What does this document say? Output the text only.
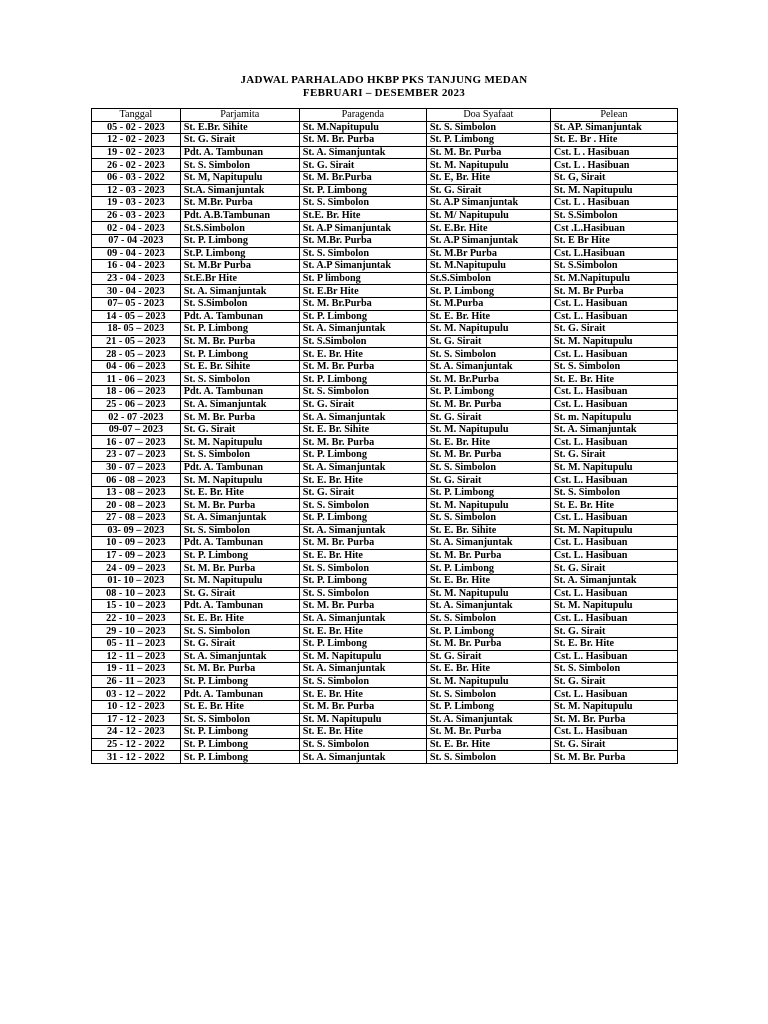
JADWAL PARHALADO HKBP PKS TANJUNG MEDAN
FEBRUARI – DESEMBER 2023
Tanggal	Parjamita	Paragenda	Doa Syafaat	Pelean
05 - 02 - 2023	St. E.Br. Sihite	St. M.Napitupulu	St. S. Simbolon	St. AP. Simanjuntak
12 - 02 - 2023	St. G. Sirait	St. M. Br. Purba	St. P. Limbong	St. E. Br . Hite
19 - 02 - 2023	Pdt. A. Tambunan	St. A. Simanjuntak	St. M. Br. Purba	Cst. L . Hasibuan
26 - 02 - 2023	St. S. Simbolon	St. G. Sirait	St. M. Napitupulu	Cst. L . Hasibuan
06 - 03 - 2022	St. M, Napitupulu	St. M. Br.Purba	St. E, Br. Hite	St. G, Sirait
12 - 03 - 2023	St.A. Simanjuntak	St. P. Limbong	St. G. Sirait	St. M. Napitupulu
19 - 03 - 2023	St. M.Br. Purba	St. S. Simbolon	St. A.P Simanjuntak	Cst. L . Hasibuan
26 - 03 - 2023	Pdt. A.B.Tambunan	St.E. Br. Hite	St. M/ Napitupulu	St. S.Simbolon
02 - 04 - 2023	St.S.Simbolon	St. A.P Simanjuntak	St. E.Br. Hite	Cst .L.Hasibuan
07 - 04 -2023	St. P. Limbong	St. M.Br. Purba	St. A.P Simanjuntak	St. E Br Hite
09 - 04 - 2023	St.P. Limbong	St. S. Simbolon	St. M.Br Purba	Cst. L.Hasibuan
16 - 04 - 2023	St. M.Br Purba	St. A.P Simanjuntak	St. M.Napitupulu	St. S.Simbolon
23 - 04 - 2023	St.E.Br Hite	St. P limbong	St.S.Simbolon	St. M.Napitupulu
30 - 04 - 2023	St. A. Simanjuntak	St. E.Br Hite	St. P. Limbong	St. M. Br Purba
07– 05 - 2023	St. S.Simbolon	St. M. Br.Purba	St. M.Purba	Cst. L. Hasibuan
14 - 05 – 2023	Pdt. A. Tambunan	St. P. Limbong	St. E. Br. Hite	Cst. L. Hasibuan
18- 05 – 2023	St. P. Limbong	St. A. Simanjuntak	St. M. Napitupulu	St. G. Sirait
21 - 05 – 2023	St. M. Br. Purba	St. S.Simbolon	St. G. Sirait	St. M. Napitupulu
28 - 05 – 2023	St. P. Limbong	St. E. Br. Hite	St. S. Simbolon	Cst. L. Hasibuan
04 - 06 – 2023	St. E. Br. Sihite	St. M. Br. Purba	St. A. Simanjuntak	St. S. Simbolon
11 - 06 – 2023	St. S. Simbolon	St. P. Limbong	St. M. Br.Purba	St. E. Br. Hite
18 - 06 – 2023	Pdt. A. Tambunan	St. S. Simbolon	St. P. Limbong	Cst. L. Hasibuan
25 - 06 – 2023	St. A. Simanjuntak	St. G. Sirait	St. M. Br. Purba	Cst. L. Hasibuan
02 - 07 -2023	St. M. Br. Purba	St. A. Simanjuntak	St. G. Sirait	St. m. Napitupulu
09-07 – 2023	St. G. Sirait	St. E. Br. Sihite	St. M. Napitupulu	St. A. Simanjuntak
16 - 07 – 2023	St. M. Napitupulu	St. M. Br. Purba	St. E. Br. Hite	Cst. L. Hasibuan
23 - 07 – 2023	St. S. Simbolon	St. P. Limbong	St. M. Br. Purba	St. G. Sirait
30 - 07 – 2023	Pdt. A. Tambunan	St. A. Simanjuntak	St. S. Simbolon	St. M. Napitupulu
06 - 08 – 2023	St. M. Napitupulu	St. E. Br. Hite	St. G. Sirait	Cst. L. Hasibuan
13 - 08 – 2023	St. E. Br. Hite	St. G. Sirait	St. P. Limbong	St. S. Simbolon
20 - 08 – 2023	St. M. Br. Purba	St. S. Simbolon	St. M. Napitupulu	St. E. Br. Hite
27 - 08 – 2023	St. A. Simanjuntak	St. P. Limbong	St. S. Simbolon	Cst. L. Hasibuan
03- 09 – 2023	St. S. Simbolon	St. A. Simanjuntak	St. E. Br. Sihite	St. M. Napitupulu
10 - 09 – 2023	Pdt. A. Tambunan	St. M. Br. Purba	St. A. Simanjuntak	Cst. L. Hasibuan
17 - 09 – 2023	St. P. Limbong	St. E. Br. Hite	St. M. Br. Purba	Cst. L. Hasibuan
24 - 09 – 2023	St. M. Br. Purba	St. S. Simbolon	St. P. Limbong	St. G. Sirait
01- 10 – 2023	St. M. Napitupulu	St. P. Limbong	St. E. Br. Hite	St. A. Simanjuntak
08 - 10 – 2023	St. G. Sirait	St. S. Simbolon	St. M. Napitupulu	Cst. L. Hasibuan
15 - 10 – 2023	Pdt. A. Tambunan	St. M. Br. Purba	St. A. Simanjuntak	St. M. Napitupulu
22 - 10 – 2023	St. E. Br. Hite	St. A. Simanjuntak	St. S. Simbolon	Cst. L. Hasibuan
29 - 10 – 2023	St. S. Simbolon	St. E. Br. Hite	St. P. Limbong	St. G. Sirait
05 - 11 – 2023	St. G. Sirait	St. P. Limbong	St. M. Br. Purba	St. E. Br. Hite
12 - 11 – 2023	St. A. Simanjuntak	St. M. Napitupulu	St. G. Sirait	Cst. L. Hasibuan
19 - 11 – 2023	St. M. Br. Purba	St. A. Simanjuntak	St. E. Br. Hite	St. S. Simbolon
26 - 11 – 2023	St. P. Limbong	St. S. Simbolon	St. M. Napitupulu	St. G. Sirait
03 - 12 – 2022	Pdt. A. Tambunan	St. E. Br. Hite	St. S. Simbolon	Cst. L. Hasibuan
10 - 12 - 2023	St. E. Br. Hite	St. M. Br. Purba	St. P. Limbong	St. M. Napitupulu
17 - 12 - 2023	St. S. Simbolon	St. M. Napitupulu	St. A. Simanjuntak	St. M. Br. Purba
24 - 12 - 2023	St. P. Limbong	St. E. Br. Hite	St. M. Br. Purba	Cst. L. Hasibuan
25 - 12 - 2022	St. P. Limbong	St. S. Simbolon	St. E. Br. Hite	St. G. Sirait
31 - 12 - 2022	St. P. Limbong	St. A. Simanjuntak	St. S. Simbolon	St. M. Br. Purba
